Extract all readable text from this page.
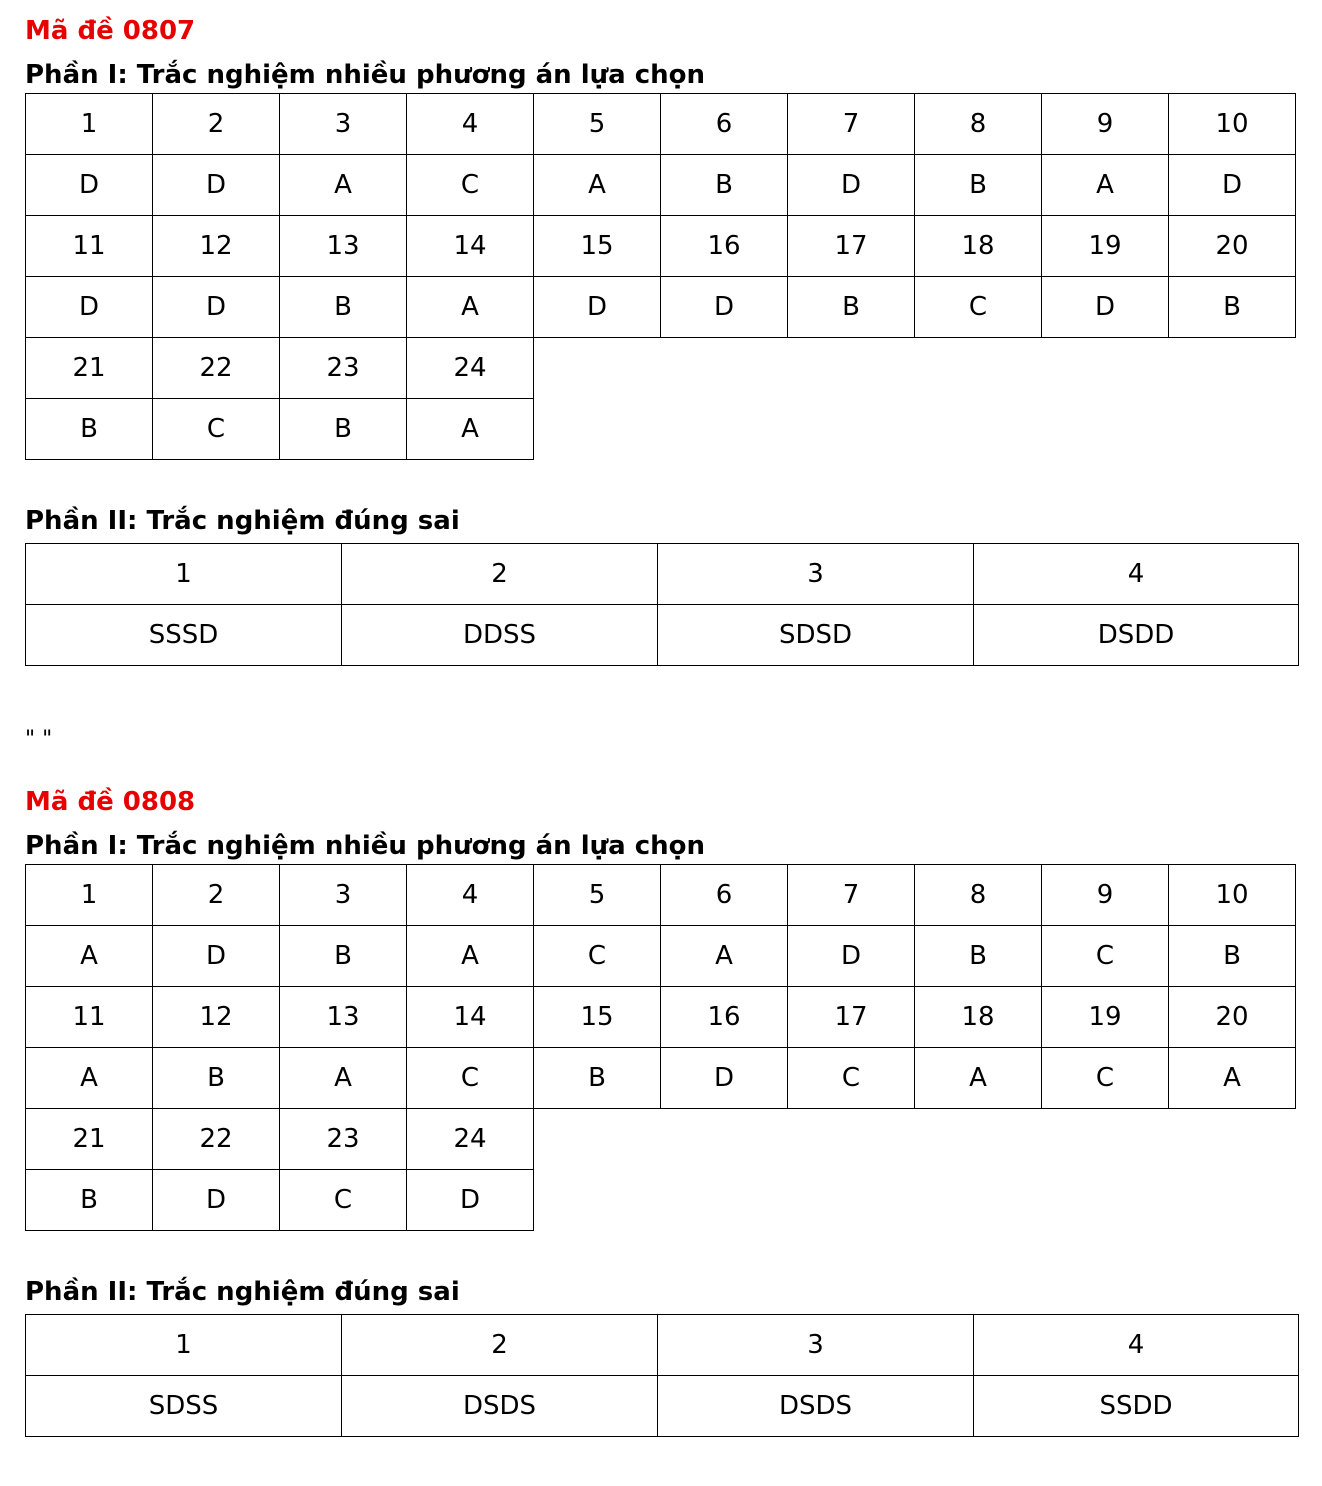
Mã đề 0807
Phần I: Trắc nghiệm nhiều phương án lựa chọn
1	2	3	4	5	6	7	8	9	10
D	D	A	C	A	B	D	B	A	D
11	12	13	14	15	16	17	18	19	20
D	D	B	A	D	D	B	C	D	B
21	22	23	24						
B	C	B	A						
Phần II: Trắc nghiệm đúng sai
1	2	3	4
SSSD	DDSS	SDSD	DSDD
" "
Mã đề 0808
Phần I: Trắc nghiệm nhiều phương án lựa chọn
1	2	3	4	5	6	7	8	9	10
A	D	B	A	C	A	D	B	C	B
11	12	13	14	15	16	17	18	19	20
A	B	A	C	B	D	C	A	C	A
21	22	23	24						
B	D	C	D						
Phần II: Trắc nghiệm đúng sai
1	2	3	4
SDSS	DSDS	DSDS	SSDD
